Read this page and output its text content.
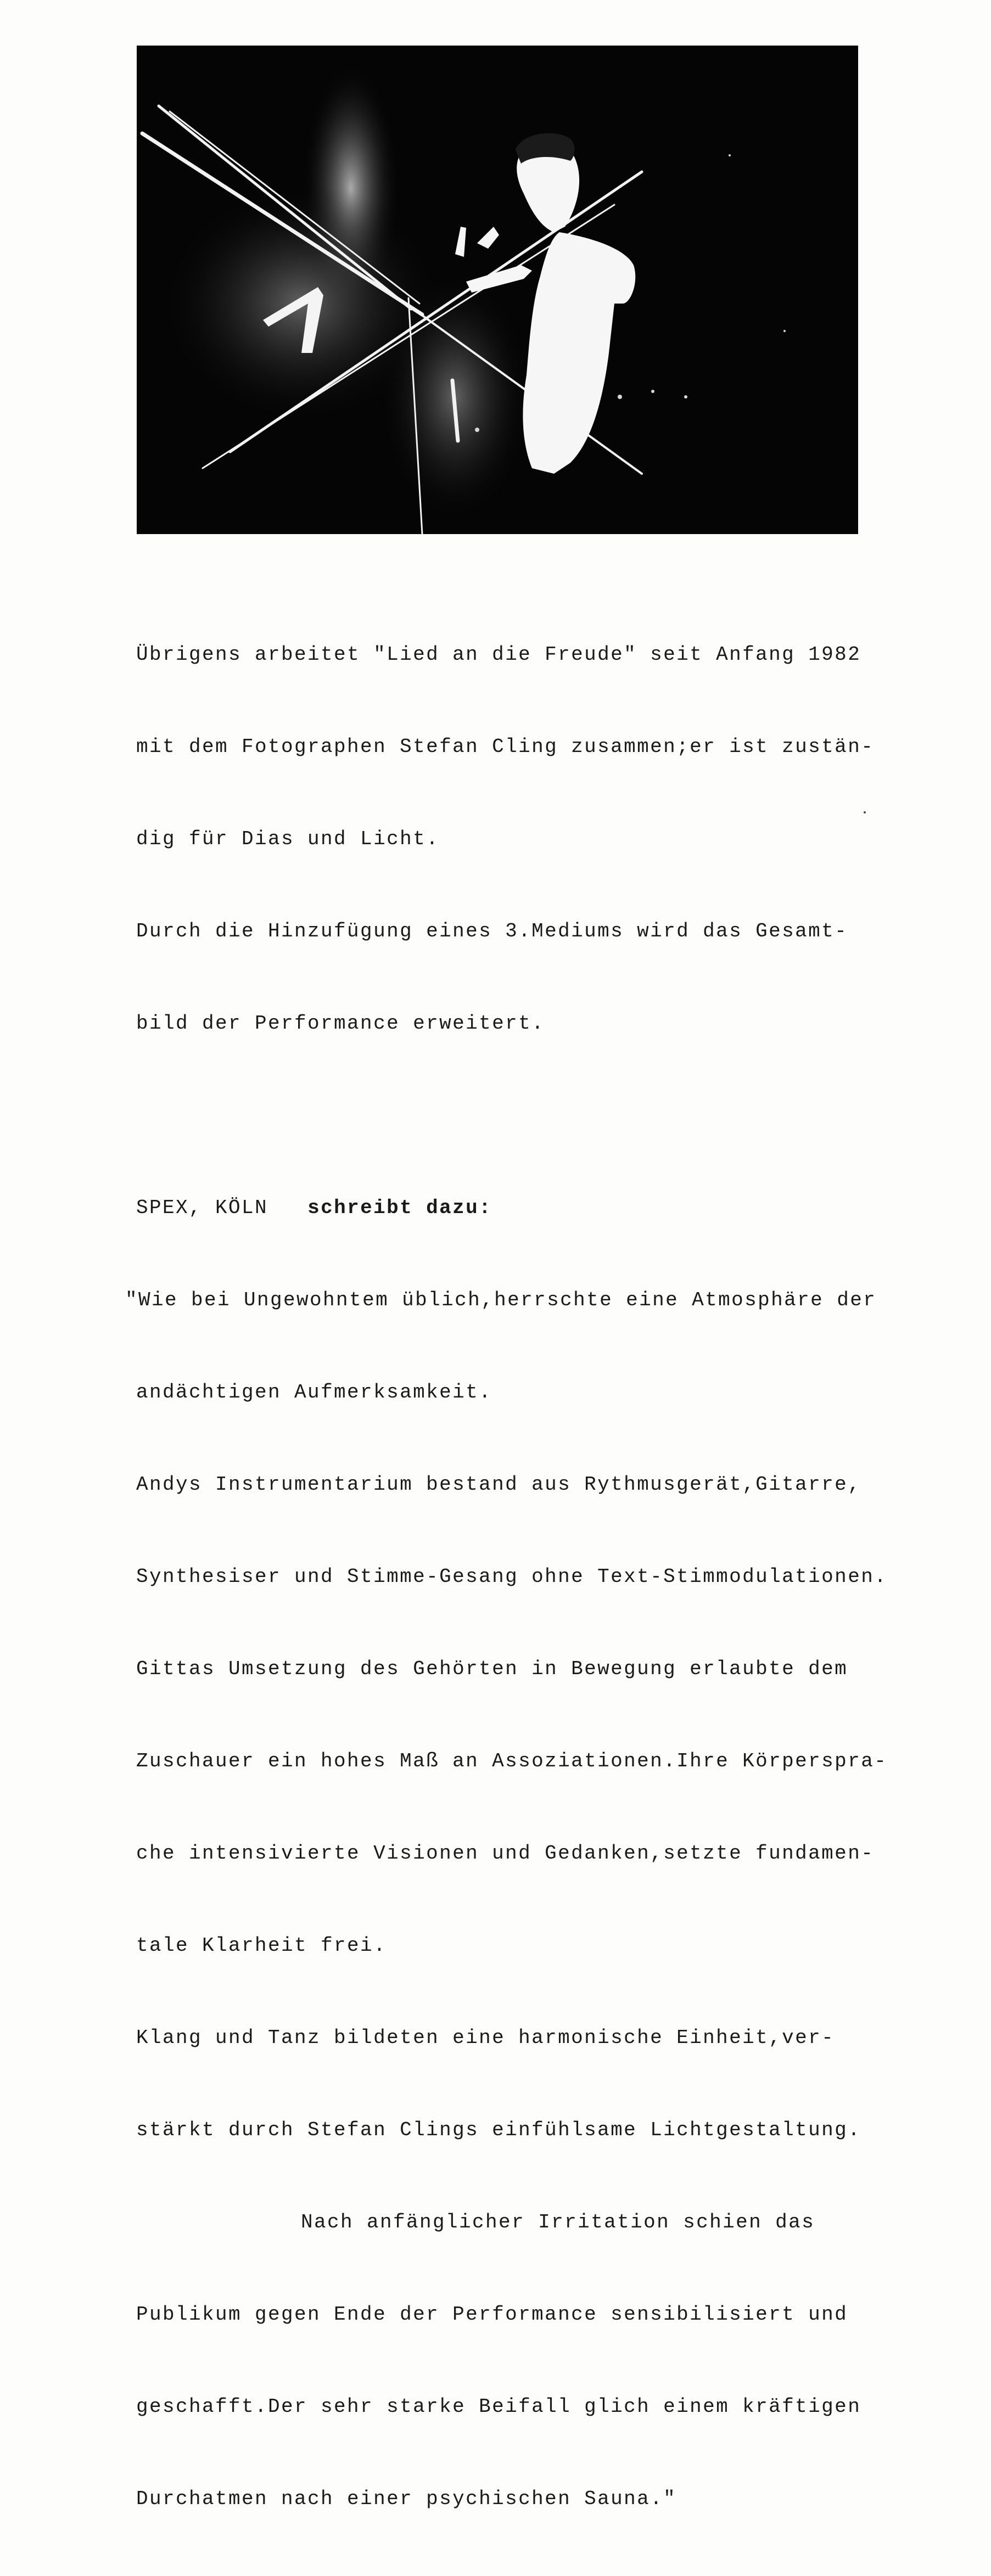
Übrigens arbeitet "Lied an die Freude" seit Anfang 1982

mit dem Fotographen Stefan Cling zusammen;er ist zustän-

dig für Dias und Licht.

Durch die Hinzufügung eines 3.Mediums wird das Gesamt-

bild der Performance erweitert.

SPEX, KÖLN schreibt dazu:

"Wie bei Ungewohntem üblich,herrschte eine Atmosphäre der

andächtigen Aufmerksamkeit.

Andys Instrumentarium bestand aus Rythmusgerät,Gitarre,

Synthesiser und Stimme-Gesang ohne Text-Stimmodulationen.

Gittas Umsetzung des Gehörten in Bewegung erlaubte dem

Zuschauer ein hohes Maß an Assoziationen.Ihre Körperspra-

che intensivierte Visionen und Gedanken,setzte fundamen-

tale Klarheit frei.

Klang und Tanz bildeten eine harmonische Einheit,ver-

stärkt durch Stefan Clings einfühlsame Lichtgestaltung.

Nach anfänglicher Irritation schien das

Publikum gegen Ende der Performance sensibilisiert und

geschafft.Der sehr starke Beifall glich einem kräftigen

Durchatmen nach einer psychischen Sauna."
